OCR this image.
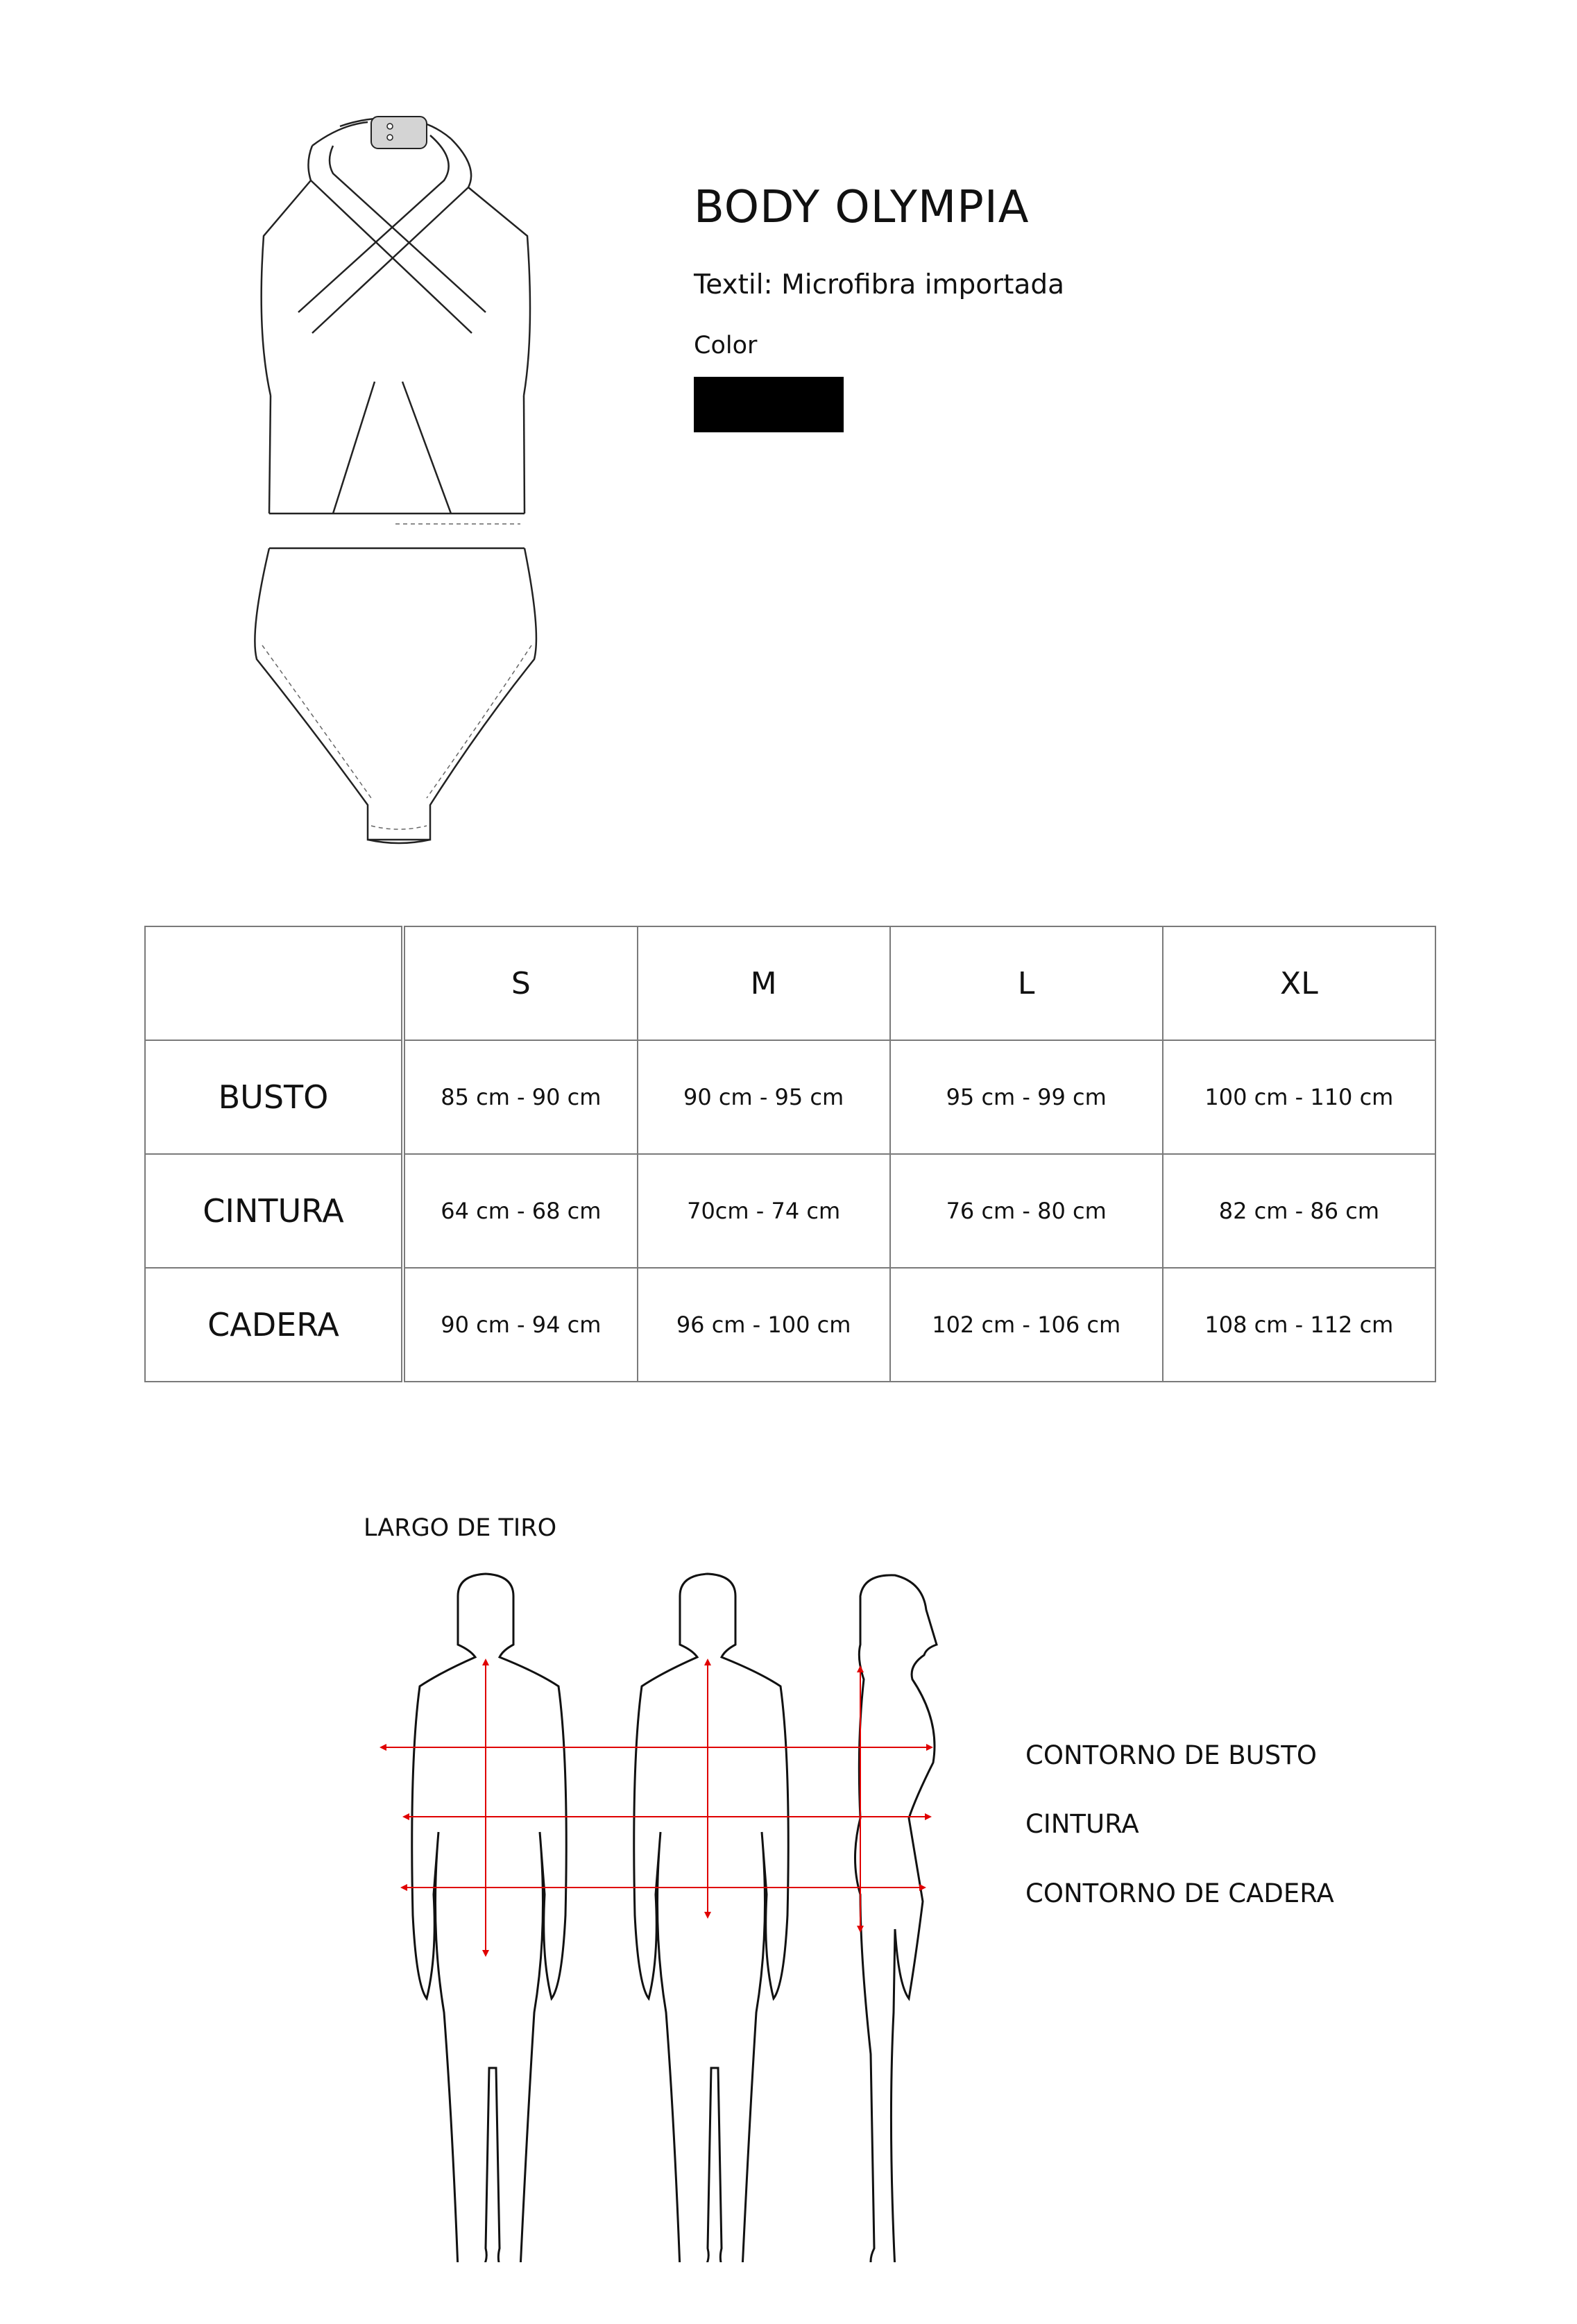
BODY OLYMPIA
Textil: Microfibra importada
Color
	S	M	L	XL
BUSTO	85 cm - 90 cm	90 cm - 95 cm	95 cm - 99 cm	100 cm - 110 cm
CINTURA	64 cm - 68 cm	70cm - 74 cm	76 cm - 80 cm	82 cm - 86 cm
CADERA	90 cm - 94 cm	96 cm - 100 cm	102 cm - 106 cm	108 cm - 112 cm
LARGO DE TIRO
CONTORNO DE BUSTO
CINTURA
CONTORNO DE CADERA
